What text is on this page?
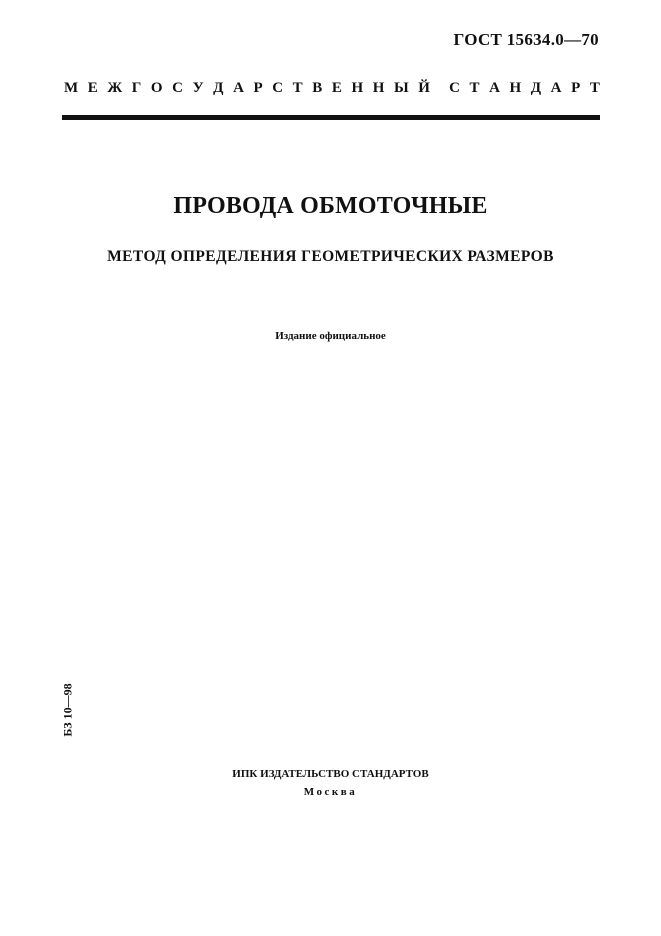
ГОСТ 15634.0—70
М Е Ж Г О С У Д А Р С Т В Е Н Н Ы Й С Т А Н Д А Р Т
ПРОВОДА ОБМОТОЧНЫЕ
МЕТОД ОПРЕДЕЛЕНИЯ ГЕОМЕТРИЧЕСКИХ РАЗМЕРОВ
Издание официальное
БЗ 10—98
ИПК ИЗДАТЕЛЬСТВО СТАНДАРТОВ
Москва
